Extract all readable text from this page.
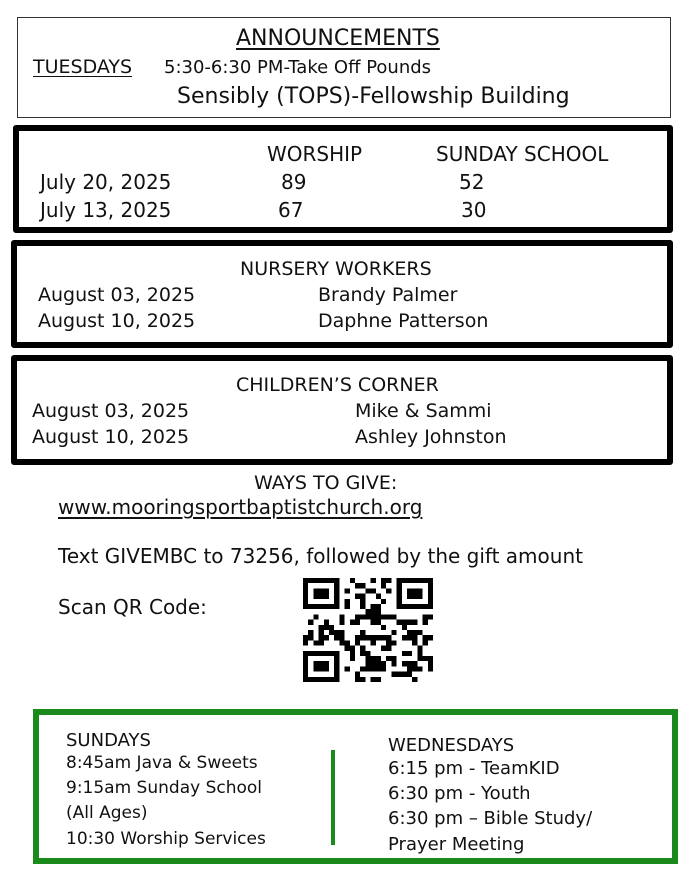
ANNOUNCEMENTS
TUESDAYS 5:30-6:30 PM-Take Off Pounds
Sensibly (TOPS)-Fellowship Building
WORSHIP	SUNDAY SCHOOL
July 20, 2025	89	52
July 13, 2025	67	30
NURSERY WORKERS
August 03, 2025	Brandy Palmer
August 10, 2025	Daphne Patterson
CHILDREN’S CORNER
August 03, 2025	Mike & Sammi
August 10, 2025	Ashley Johnston
WAYS TO GIVE:
www.mooringsportbaptistchurch.org
Text GIVEMBC to 73256, followed by the gift amount
Scan QR Code:
SUNDAYS
8:45am Java & Sweets
9:15am Sunday School
(All Ages)
10:30 Worship Services
WEDNESDAYS
6:15 pm - TeamKID
6:30 pm - Youth
6:30 pm – Bible Study/
Prayer Meeting
